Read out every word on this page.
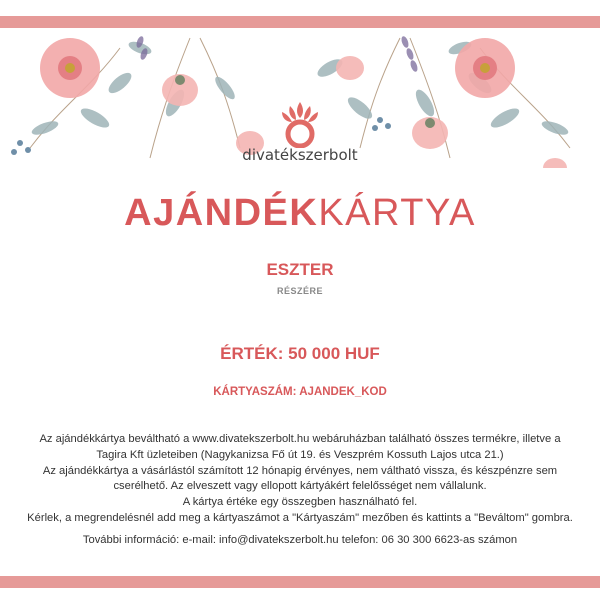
divatékszerbolt
AJÁNDÉKKÁRTYA
ESZTER
RÉSZÉRE
ÉRTÉK: 50 000 HUF
KÁRTYASZÁM: AJANDEK_KOD

Az ajándékkártya beváltható a www.divatekszerbolt.hu webáruházban található összes termékre, illetve a

Tagira Kft üzleteiben (Nagykanizsa Fő út 19. és Veszprém Kossuth Lajos utca 21.)

Az ajándékkártya a vásárlástól számított 12 hónapig érvényes, nem váltható vissza, és készpénzre sem

cserélhető. Az elveszett vagy ellopott kártyákért felelősséget nem vállalunk.

A kártya értéke egy összegben használható fel.

Kérlek, a megrendelésnél add meg a kártyaszámot a "Kártyaszám" mezőben és kattints a "Beváltom" gombra.

További információ: e-mail: info@divatekszerbolt.hu telefon: 06 30 300 6623-as számon
